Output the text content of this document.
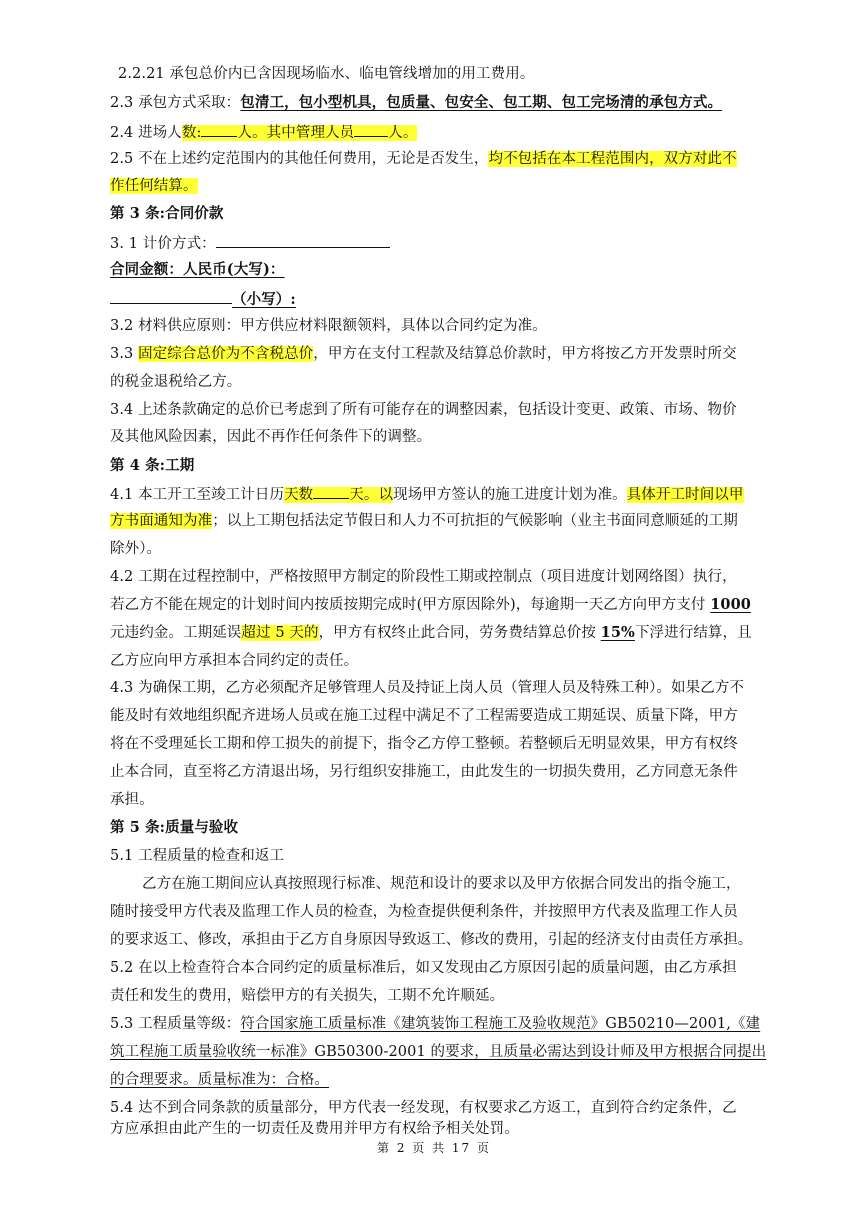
2.2.21 承包总价内已含因现场临水、临电管线增加的用工费用。
2.3 承包方式采取：包清工，包小型机具，包质量、包安全、包工期、包工完场清的承包方式。
2.4 进场人数: 人。其中管理人员 人。
2.5 不在上述约定范围内的其他任何费用，无论是否发生，均不包括在本工程范围内，双方对此不
作任何结算。
第 3 条:合同价款
3. 1 计价方式：
合同金额：人民币(大写)：
（小写）:
3.2 材料供应原则：甲方供应材料限额领料，具体以合同约定为准。
3.3 固定综合总价为不含税总价，甲方在支付工程款及结算总价款时，甲方将按乙方开发票时所交
的税金退税给乙方。
3.4 上述条款确定的总价已考虑到了所有可能存在的调整因素，包括设计变更、政策、市场、物价
及其他风险因素，因此不再作任何条件下的调整。
第 4 条:工期
4.1 本工开工至竣工计日历天数 天。以现场甲方签认的施工进度计划为准。具体开工时间以甲
方书面通知为准；以上工期包括法定节假日和人力不可抗拒的气候影响（业主书面同意顺延的工期
除外）。
4.2 工期在过程控制中，严格按照甲方制定的阶段性工期或控制点（项目进度计划网络图）执行，
若乙方不能在规定的计划时间内按质按期完成时(甲方原因除外)，每逾期一天乙方向甲方支付 1000
元违约金。工期延误超过 5 天的，甲方有权终止此合同，劳务费结算总价按 15%下浮进行结算，且
乙方应向甲方承担本合同约定的责任。
4.3 为确保工期，乙方必须配齐足够管理人员及持证上岗人员（管理人员及特殊工种）。如果乙方不
能及时有效地组织配齐进场人员或在施工过程中满足不了工程需要造成工期延误、质量下降，甲方
将在不受理延长工期和停工损失的前提下，指令乙方停工整顿。若整顿后无明显效果，甲方有权终
止本合同，直至将乙方清退出场，另行组织安排施工，由此发生的一切损失费用，乙方同意无条件
承担。
第 5 条:质量与验收
5.1 工程质量的检查和返工
乙方在施工期间应认真按照现行标准、规范和设计的要求以及甲方依据合同发出的指令施工，
随时接受甲方代表及监理工作人员的检查，为检查提供便利条件，并按照甲方代表及监理工作人员
的要求返工、修改，承担由于乙方自身原因导致返工、修改的费用，引起的经济支付由责任方承担。
5.2 在以上检查符合本合同约定的质量标准后，如又发现由乙方原因引起的质量问题，由乙方承担
责任和发生的费用，赔偿甲方的有关损失，工期不允许顺延。
5.3 工程质量等级：符合国家施工质量标准《建筑装饰工程施工及验收规范》GB50210—2001,《建
筑工程施工质量验收统一标准》GB50300-2001 的要求，且质量必需达到设计师及甲方根据合同提出
的合理要求。质量标准为：合格。
5.4 达不到合同条款的质量部分，甲方代表一经发现，有权要求乙方返工，直到符合约定条件，乙
方应承担由此产生的一切责任及费用并甲方有权给予相关处罚。
第 2 页 共 17 页
